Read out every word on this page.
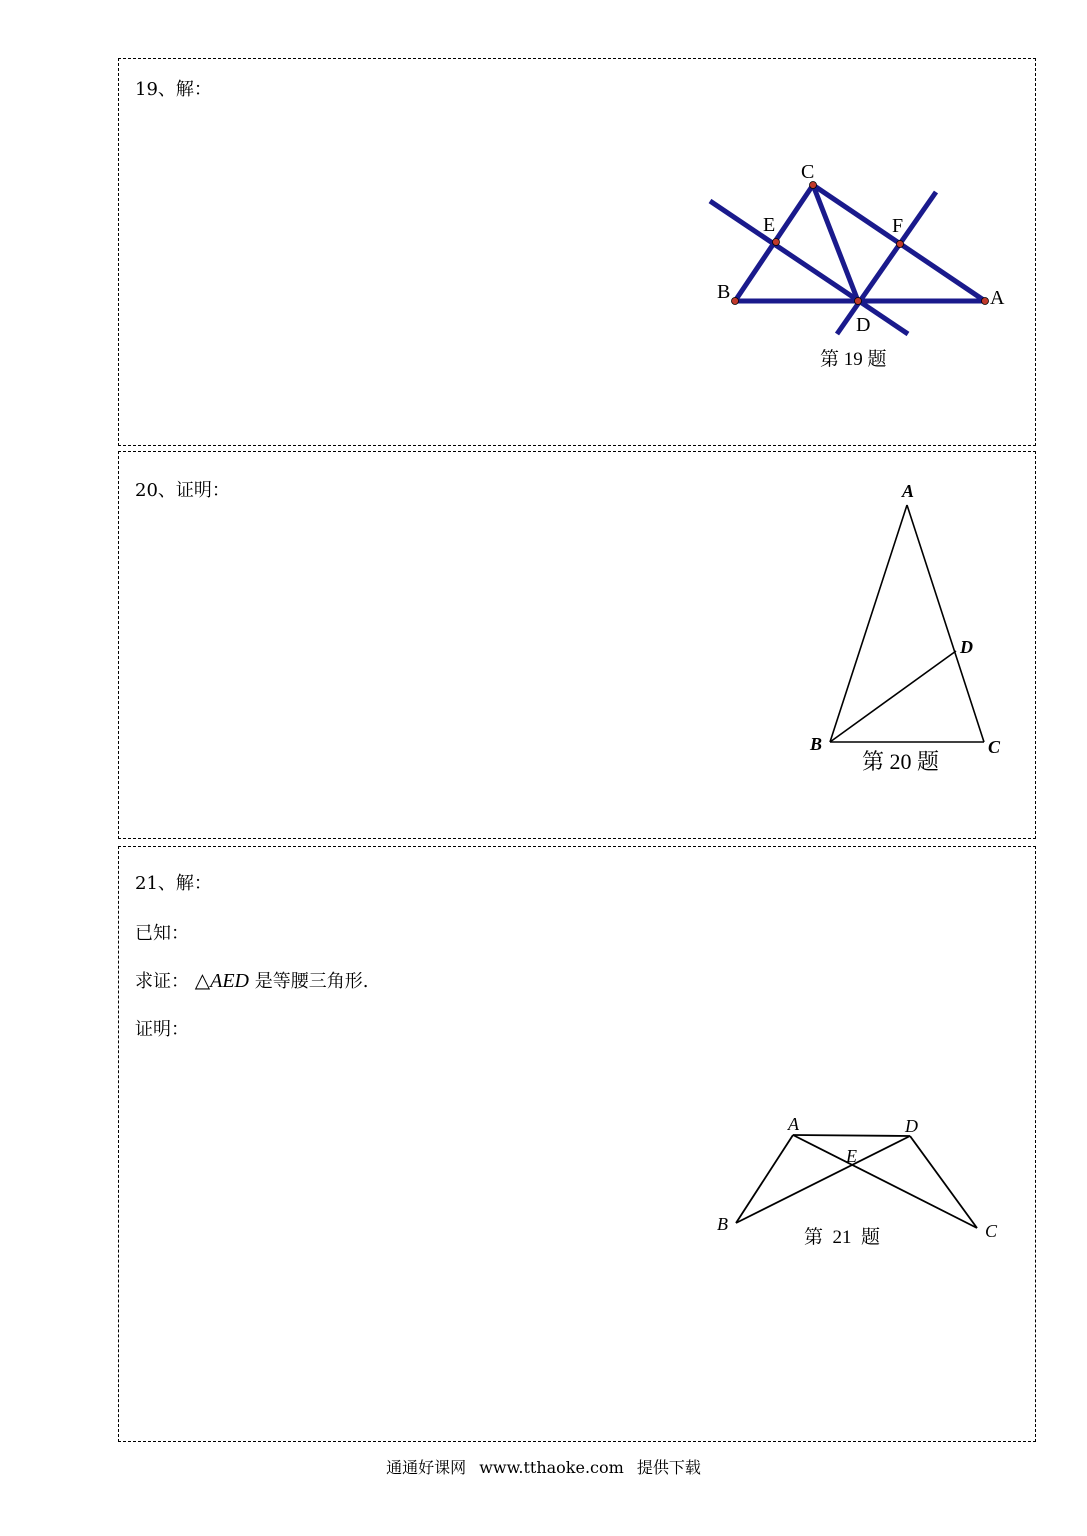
19、解：
C
E	F
B	A
D
第 19 题
20、证明：	A
B	C
D
第 20 题
21、解：
已知：
求证： △AED 是等腰三角形.
证明：
A	D
E
B	C
第  21  题
通通好课网 www.tthaoke.com 提供下载
